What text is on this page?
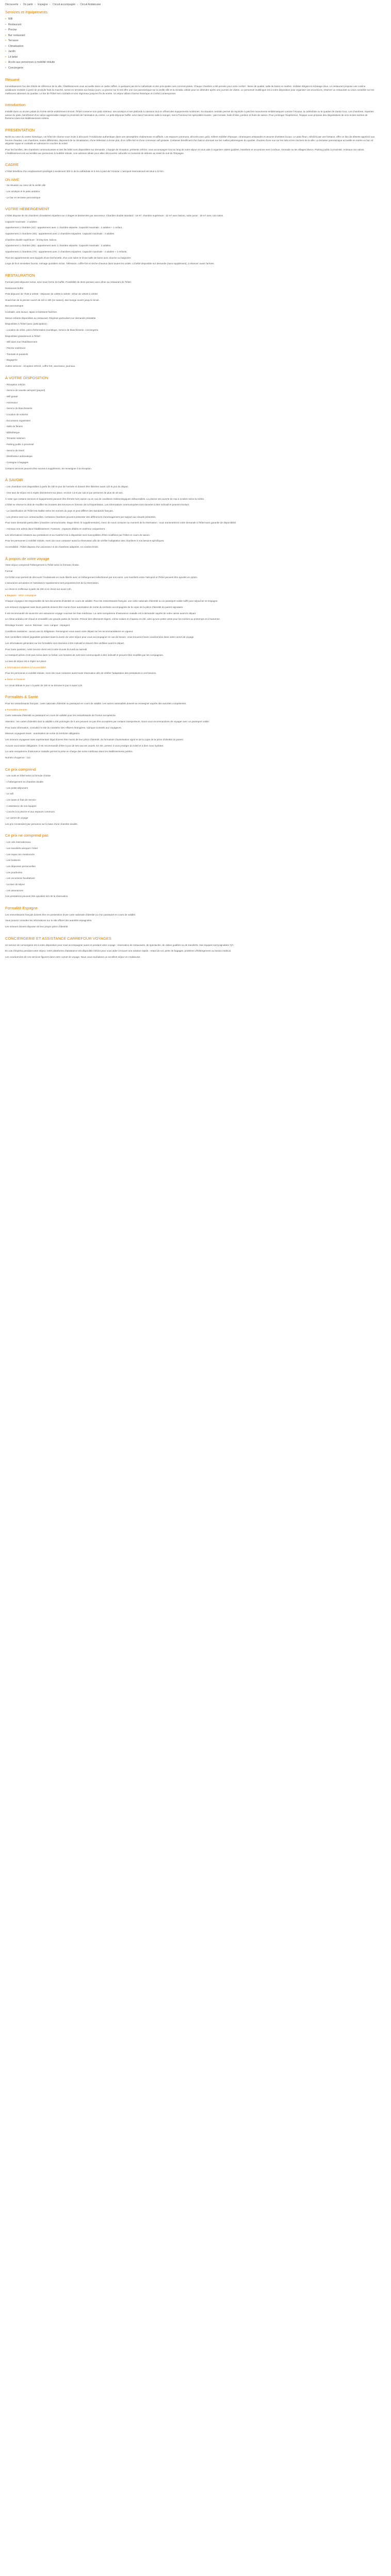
Découverte › Où partir › Espagne › Circuit accompagné › Circuit Andalousie
Services et équipements
• Wifi
• Restaurant
• Piscine
• Bar restaurant
• Terrasse
• Climatisation
• Jardin
• Lit bébé
• Accès aux personnes à mobilité réduite
• Conciergerie
Résumé

Immédiatement l'un des hôtels de référence de la ville, l'établissement vous accueille dans un cadre raffiné, à quelques pas de la cathédrale et des principales rues commerçantes. Chaque chambre a été pensée pour votre confort : literie de qualité, salle de bains en marbre, mobilier élégant et éclairage doux. Le restaurant propose une cuisine andalouse revisitée à partir de produits frais du marché, servie en terrasse aux beaux jours. La piscine sur le toit offre une vue panoramique sur la vieille ville et la Giralda, idéale pour se détendre après une journée de visites. Le personnel multilingue est à votre disposition pour organiser vos excursions, réserver un restaurant ou vous conseiller sur les meilleures adresses du quartier. Le bar de l'hôtel sert cocktails et vins régionaux jusqu'en fin de soirée. Un séjour alliant charme historique et confort contemporain.

Introduction

Installé dans un ancien palais du XVIIIe siècle entièrement rénové, l'hôtel conserve son patio intérieur, ses azulejos et ses plafonds à caissons tout en offrant des équipements modernes. Sa situation centrale permet de rejoindre à pied les monuments emblématiques comme l'Alcazar, la cathédrale ou le quartier de Santa Cruz. Les chambres, réparties autour du patio, bénéficient d'un calme appréciable malgré la proximité de l'animation du centre. Le petit-déjeuner buffet, servi dans l'ancienne salle à manger, met à l'honneur les spécialités locales : pain tomate, huile d'olive, jambon et fruits de saison. Pour prolonger l'expérience, l'équipe vous propose des dégustations de vins et des soirées de flamenco dans les établissements voisins.

PRESENTATION

Niché au cœur du centre historique, cet hôtel de charme vous invite à découvrir l'Andalousie authentique dans une atmosphère chaleureuse et raffinée. Les espaces communs, décorés avec goût, mêlent mobilier d'époque, céramiques artisanales et œuvres d'artistes locaux. Le patio fleuri, rafraîchi par une fontaine, offre un lieu de détente apprécié aux heures chaudes. Les chambres, toutes différentes, disposent de la climatisation, d'une télévision à écran plat, d'un coffre-fort et d'une connexion wifi gratuite. Certaines bénéficient d'un balcon donnant sur les ruelles pittoresques du quartier, d'autres d'une vue sur les toits et les clochers de la ville. La terrasse panoramique accueille en soirée un bar où déguster tapas et cocktails en admirant le coucher du soleil.

Pour les familles, des chambres communicantes et des lits bébé sont disponibles sur demande. L'équipe de réception, présente 24h/24, vous accompagne tout au long de votre séjour et vous aide à organiser visites guidées, transferts et excursions vers Cordoue, Grenade ou les villages blancs. Parking public à proximité. Animaux non admis. L'établissement est accessible aux personnes à mobilité réduite. Une adresse idéale pour allier découverte culturelle et moments de détente au soleil du sud de l'Espagne.

CADRE

L'hôtel bénéficie d'un emplacement privilégié à seulement 300 m de la cathédrale et 5 min à pied de l'Alcazar. L'aéroport international est situé à 10 km.

ON AIME
- Sa situation au cœur de la vieille ville
- Les azulejos et le patio andalou
- Le bar en terrasse panoramique
VOTRE HÉBERGEMENT

L'hôtel dispose de 45 chambres climatisées réparties sur 4 étages et desservies par ascenseur. Chambre double standard : 18 m², chambre supérieure : 22 m² avec balcon, suite junior : 30 m² avec coin salon.

Capacité maximale : 2 adultes.

Appartement 1 chambre (42) : appartement avec 1 chambre séparée. Capacité maximale : 2 adultes + 1 enfant.

Appartement 2 chambres (60) : appartement avec 2 chambres séparées. Capacité maximale : 4 adultes.

Chambre double supérieure : lit king size, balcon.

Appartement 1 chambre (55) : appartement avec 1 chambre séparée. Capacité maximale : 3 adultes.

Appartement 2 chambres (70) : appartement avec 2 chambres séparées. Capacité maximale : 4 adultes + 2 enfants.

Tous les appartements sont équipés d'une kitchenette, d'un coin salon et d'une salle de bains avec douche ou baignoire.

Linge de lit et serviettes fournis, ménage quotidien inclus. Télévision, coffre-fort et sèche-cheveux dans toutes les unités. Lit bébé disponible sur demande (sans supplément), à réserver avant l'arrivée.

RESTAURATION

Formule petit-déjeuner inclus, servi sous forme de buffet. Possibilité de demi-pension avec dîner au restaurant de l'hôtel.

Restaurant buffet
Petit-déjeuner de 7h30 à 10h30 - Déjeuner de 13h00 à 15h30 - Dîner de 19h30 à 22h30

Snack-bar de la piscine ouvert de 11h à 18h (en saison). Bar lounge ouvert jusqu'à minuit.

Bar panoramique

Cocktails, vins locaux, tapas et boissons fraîches.

Menus enfants disponibles au restaurant. Régimes particuliers sur demande préalable.

Disponibles à l'hôtel (avec participation) :

- Location de vélos, point d'information touristique, service de blanchisserie, conciergerie.

Disponibles gratuitement à l'hôtel :
- Wifi dans tout l'établissement
- Piscine extérieure
- Transats et parasols
- Bagagerie

Autres services : réception 24h/24, coffre-fort, ascenseur, journaux.

À VOTRE DISPOSITION
- Réception 24h/24
- Service de navette aéroport (payant)
- Wifi gratuit
- Ascenseur
- Service de blanchisserie
- Location de voitures
- Excursions organisées
- Salle de fitness
- Bibliothèque
- Terrasse solarium
- Parking public à proximité
- Service de réveil
- Distributeur automatique
- Consigne à bagages

Certains services peuvent être soumis à supplément. Se renseigner à la réception.

À SAVOIR

- Les chambres sont disponibles à partir de 15h le jour de l'arrivée et doivent être libérées avant 12h le jour du départ.

- Une taxe de séjour est à régler directement sur place, environ 1,5 € par nuit et par personne de plus de 16 ans.

À noter que certains services et équipements peuvent être fermés hors saison ou en cas de conditions météorologiques défavorables. La piscine est ouverte de mai à octobre selon la météo.

L'hôtel se réserve le droit de modifier les horaires des services en fonction de la fréquentation. Les informations communiquées sont données à titre indicatif et peuvent évoluer.

- La classification de l'hôtel est établie selon les normes du pays et peut différer des standards français.

- Les photos sont non contractuelles. Certaines chambres peuvent présenter des différences d'aménagement par rapport aux visuels présentés.

Pour toute demande particulière (chambre communicante, étage élevé, lit supplémentaire), merci de nous contacter au moment de la réservation ; nous transmettrons votre demande à l'hôtel sans garantie de disponibilité.

- Animaux non admis dans l'établissement. Fumeurs : espaces dédiés en extérieur uniquement.

Les informations relatives aux prestations et au matériel mis à disposition sont susceptibles d'être modifiées par l'hôtel en cours de saison.

Pour les personnes à mobilité réduite, merci de nous contacter avant la réservation afin de vérifier l'adaptation des chambres à vos besoins spécifiques.

Accessibilité : l'hôtel dispose d'un ascenseur et de chambres adaptées, en nombre limité.

À propos de votre voyage

Votre séjour comprend l'hébergement à l'hôtel selon la formule choisie.

Format

Ce forfait vous permet de découvrir l'Andalousie en toute liberté avec un hébergement sélectionné par nos soins. Les transferts entre l'aéroport et l'hôtel peuvent être ajoutés en option.

L'assurance annulation et l'assistance rapatriement sont proposées lors de la réservation.

Le check-in s'effectue à partir de 15h et le check-out avant 12h.

▸ Bagages : selon compagnie

Chaque voyageur est responsable de ses documents d'identité en cours de validité. Pour les ressortissants français, une carte nationale d'identité ou un passeport valide suffit pour séjourner en Espagne.

Les mineurs voyageant sans leurs parents doivent être munis d'une autorisation de sortie du territoire accompagnée de la copie de la pièce d'identité du parent signataire.

Il est recommandé de souscrire une assurance voyage couvrant les frais médicaux. La carte européenne d'assurance maladie est à demander auprès de votre caisse avant le départ.

Le climat andalou est chaud et ensoleillé une grande partie de l'année. Prévoir des vêtements légers, crème solaire et chapeau en été, ainsi qu'une petite veste pour les soirées au printemps et à l'automne.

Décalage horaire : aucun. Monnaie : euro. Langue : espagnol.

Conditions sanitaires : aucun vaccin obligatoire. Renseignez-vous avant votre départ sur les recommandations en vigueur.

Nos conseillers restent joignables pendant toute la durée de votre séjour pour vous accompagner en cas de besoin. Vous trouverez leurs coordonnées dans votre carnet de voyage.

Les informations générales sur les formalités sont données à titre indicatif et doivent être vérifiées avant le départ.

Pour toute question, notre service client est à votre écoute du lundi au samedi.

Le transport aérien n'est pas inclus dans ce forfait. Les horaires de vols sont communiqués à titre indicatif et peuvent être modifiés par les compagnies.

La taxe de séjour est à régler sur place.

▸ Informations relatives à l'accessibilité

Pour les personnes à mobilité réduite, merci de nous contacter avant toute réservation afin de vérifier l'adaptation des prestations à vos besoins.

▸ Dates et horaires

Le circuit débute le jour 1 à partir de 15h et se termine le jour 8 avant 12h.

Formalités & Santé

Pour les ressortissants français : carte nationale d'identité ou passeport en cours de validité. Les autres nationalités doivent se renseigner auprès des autorités compétentes.

▸ Formalités d'entrée

Carte nationale d'identité ou passeport en cours de validité pour les ressortissants de l'Union européenne.

Attention : les cartes d'identité dont la validité a été prolongée de 5 ans peuvent ne pas être acceptées par certains transporteurs. Nous vous recommandons de voyager avec un passeport valide.

Pour toute information, consultez le site du ministère des Affaires étrangères, rubrique Conseils aux voyageurs.

Mineurs voyageant seuls : autorisation de sortie du territoire obligatoire.

Les mineurs voyageant sans représentant légal doivent être munis de leur pièce d'identité, du formulaire d'autorisation signé et de la copie de la pièce d'identité du parent.

Aucune vaccination obligatoire. Il est recommandé d'être à jour de ses vaccins usuels. En été, pensez à vous protéger du soleil et à bien vous hydrater.

La carte européenne d'assurance maladie permet la prise en charge des soins médicaux dans les établissements publics.

Numéro d'urgence : 112.

Ce prix comprend
- Les nuits en hôtel selon la formule choisie
- L'hébergement en chambre double
- Les petits-déjeuners
- Le wifi
- Les taxes et frais de service
- L'assistance de nos équipes
- L'accès à la piscine et aux espaces communs
- Le carnet de voyage

Les prix s'entendent par personne sur la base d'une chambre double.

Ce prix ne comprend pas
- Les vols internationaux
- Les transferts aéroport / hôtel
- Les repas non mentionnés
- Les boissons
- Les dépenses personnelles
- Les pourboires
- Les excursions facultatives
- La taxe de séjour
- Les assurances

Ces prestations peuvent être ajoutées lors de la réservation.

Formalité Espagne

Les ressortissants français doivent être en possession d'une carte nationale d'identité ou d'un passeport en cours de validité.

Vous pouvez consulter les informations sur le site officiel des autorités espagnoles.

Les mineurs doivent disposer de leur propre pièce d'identité.

CONCIERGERIE ET ASSISTANCE CARREFOUR VOYAGES

Un service de conciergerie est à votre disposition pour vous accompagner avant et pendant votre voyage : réservation de restaurants, de spectacles, de visites guidées ou de transferts. Nos équipes sont joignables 7j/7.

En cas d'imprévu pendant votre séjour, notre plateforme d'assistance est disponible 24h/24 pour vous aider à trouver une solution rapide : retard de vol, perte de bagages, problème d'hébergement ou besoin médical.

Les coordonnées de ces services figurent dans votre carnet de voyage. Nous vous souhaitons un excellent séjour en Andalousie.
